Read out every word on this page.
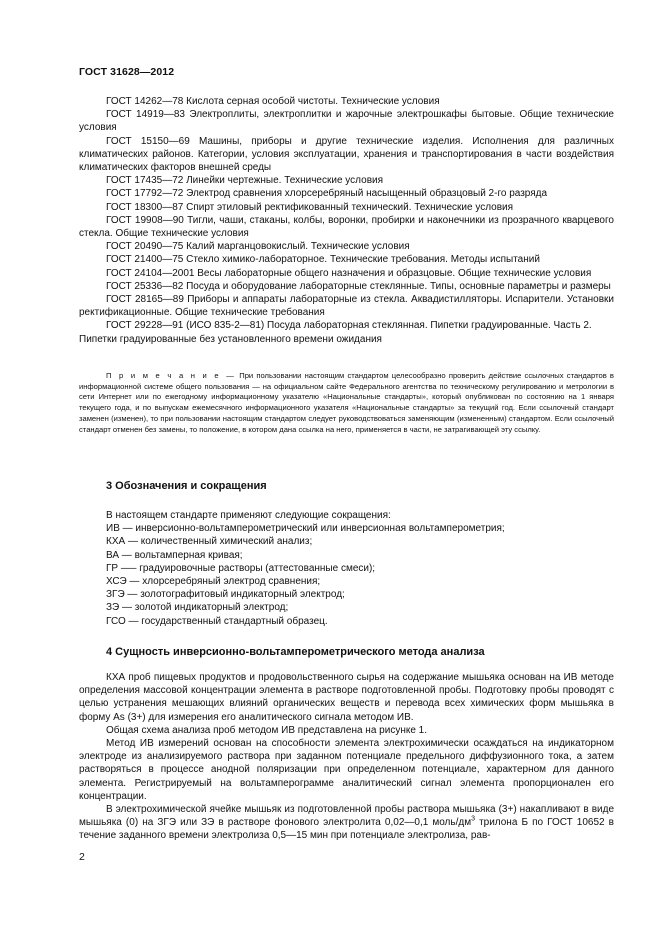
ГОСТ 31628—2012

ГОСТ 14262—78 Кислота серная особой чистоты. Технические условия

ГОСТ 14919—83 Электроплиты, электроплитки и жарочные электрошкафы бытовые. Общие технические условия

ГОСТ 15150—69 Машины, приборы и другие технические изделия. Исполнения для различных климатических районов. Категории, условия эксплуатации, хранения и транспортирования в части воздействия климатических факторов внешней среды

ГОСТ 17435—72 Линейки чертежные. Технические условия

ГОСТ 17792—72 Электрод сравнения хлорсеребряный насыщенный образцовый 2-го разряда

ГОСТ 18300—87 Спирт этиловый ректификованный технический. Технические условия

ГОСТ 19908—90 Тигли, чаши, стаканы, колбы, воронки, пробирки и наконечники из прозрачного кварцевого стекла. Общие технические условия

ГОСТ 20490—75 Калий марганцовокислый. Технические условия

ГОСТ 21400—75 Стекло химико-лабораторное. Технические требования. Методы испытаний

ГОСТ 24104—2001 Весы лабораторные общего назначения и образцовые. Общие технические условия

ГОСТ 25336—82 Посуда и оборудование лабораторные стеклянные. Типы, основные параметры и размеры

ГОСТ 28165—89 Приборы и аппараты лабораторные из стекла. Аквадистилляторы. Испарители. Установки ректификационные. Общие технические требования

ГОСТ 29228—91 (ИСО 835-2—81) Посуда лабораторная стеклянная. Пипетки градуированные. Часть 2. Пипетки градуированные без установленного времени ожидания

П р и м е ч а н и е — При пользовании настоящим стандартом целесообразно проверить действие ссылочных стандартов в информационной системе общего пользования — на официальном сайте Федерального агентства по техническому регулированию и метрологии в сети Интернет или по ежегодному информационному указателю «Национальные стандарты», который опубликован по состоянию на 1 января текущего года, и по выпускам ежемесячного информационного указателя «Национальные стандарты» за текущий год. Если ссылочный стандарт заменен (изменен), то при пользовании настоящим стандартом следует руководствоваться заменяющим (измененным) стандартом. Если ссылочный стандарт отменен без замены, то положение, в котором дана ссылка на него, применяется в части, не затрагивающей эту ссылку.
3 Обозначения и сокращения

В настоящем стандарте применяют следующие сокращения:

ИВ — инверсионно-вольтамперометрический или инверсионная вольтамперометрия;

КХА — количественный химический анализ;

ВА — вольтамперная кривая;

ГР —– градуировочные растворы (аттестованные смеси);

ХСЭ — хлорсеребряный электрод сравнения;

ЗГЭ — золотографитовый индикаторный электрод;

ЗЭ — золотой индикаторный электрод;

ГСО — государственный стандартный образец.

4 Сущность инверсионно-вольтамперометрического метода анализа

КХА проб пищевых продуктов и продовольственного сырья на содержание мышьяка основан на ИВ методе определения массовой концентрации элемента в растворе подготовленной пробы. Подготовку пробы проводят с целью устранения мешающих влияний органических веществ и перевода всех химических форм мышьяка в форму As (3+) для измерения его аналитического сигнала методом ИВ.

Общая схема анализа проб методом ИВ представлена на рисунке 1.

Метод ИВ измерений основан на способности элемента электрохимически осаждаться на индикаторном электроде из анализируемого раствора при заданном потенциале предельного диффузионного тока, а затем растворяться в процессе анодной поляризации при определенном потенциале, характерном для данного элемента. Регистрируемый на вольтамперограмме аналитический сигнал элемента пропорционален его концентрации.

В электрохимической ячейке мышьяк из подготовленной пробы раствора мышьяка (3+) накапливают в виде мышьяка (0) на ЗГЭ или ЗЭ в растворе фонового электролита 0,02—0,1 моль/$дм^3$ трилона Б по ГОСТ 10652 в течение заданного времени электролиза 0,5—15 мин при потенциале электролиза, рав-

2
